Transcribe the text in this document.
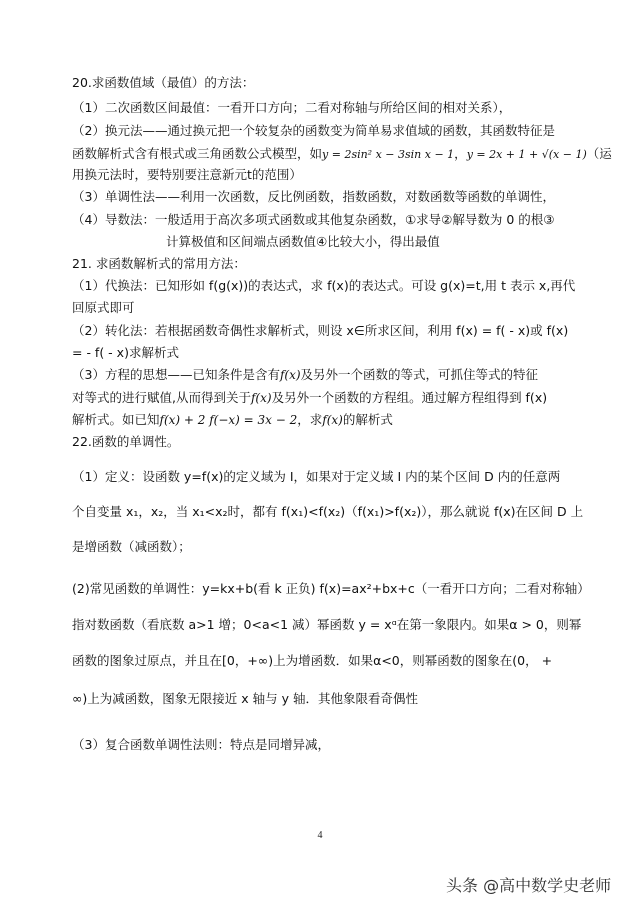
20.求函数值域（最值）的方法：
（1）二次函数区间最值：一看开口方向；二看对称轴与所给区间的相对关系），
（2）换元法——通过换元把一个较复杂的函数变为简单易求值域的函数，其函数特征是
函数解析式含有根式或三角函数公式模型，如y = 2sin² x − 3sin x − 1，y = 2x + 1 + √(x − 1)（运
用换元法时，要特别要注意新元t的范围）
（3）单调性法——利用一次函数，反比例函数，指数函数，对数函数等函数的单调性，
（4）导数法：一般适用于高次多项式函数或其他复杂函数，①求导②解导数为 0 的根③
计算极值和区间端点函数值④比较大小，得出最值
21. 求函数解析式的常用方法：
（1）代换法：已知形如 f(g(x))的表达式，求 f(x)的表达式。可设 g(x)=t,用 t 表示 x,再代
回原式即可
（2）转化法：若根据函数奇偶性求解析式，则设 x∈所求区间，利用 f(x) = f( - x)或 f(x)
= - f( - x)求解析式
（3）方程的思想——已知条件是含有f(x)及另外一个函数的等式，可抓住等式的特征
对等式的进行赋值,从而得到关于f(x)及另外一个函数的方程组。通过解方程组得到 f(x)
解析式。如已知f(x) + 2 f(−x) = 3x − 2，求f(x)的解析式
22.函数的单调性。
（1）定义：设函数 y=f(x)的定义域为 I，如果对于定义域 I 内的某个区间 D 内的任意两
个自变量 x₁，x₂，当 x₁<x₂时，都有 f(x₁)<f(x₂)（f(x₁)>f(x₂)），那么就说 f(x)在区间 D 上
是增函数（减函数）；
(2)常见函数的单调性：y=kx+b(看 k 正负) f(x)=ax²+bx+c（一看开口方向；二看对称轴）
指对数函数（看底数 a>1 增；0<a<1 减）幂函数 y = xᵅ在第一象限内。如果α > 0，则幂
函数的图象过原点，并且在[0，+∞)上为增函数．如果α<0，则幂函数的图象在(0， +
∞)上为减函数，图象无限接近 x 轴与 y 轴．其他象限看奇偶性
（3）复合函数单调性法则：特点是同增异减，
4
头条 @高中数学史老师
